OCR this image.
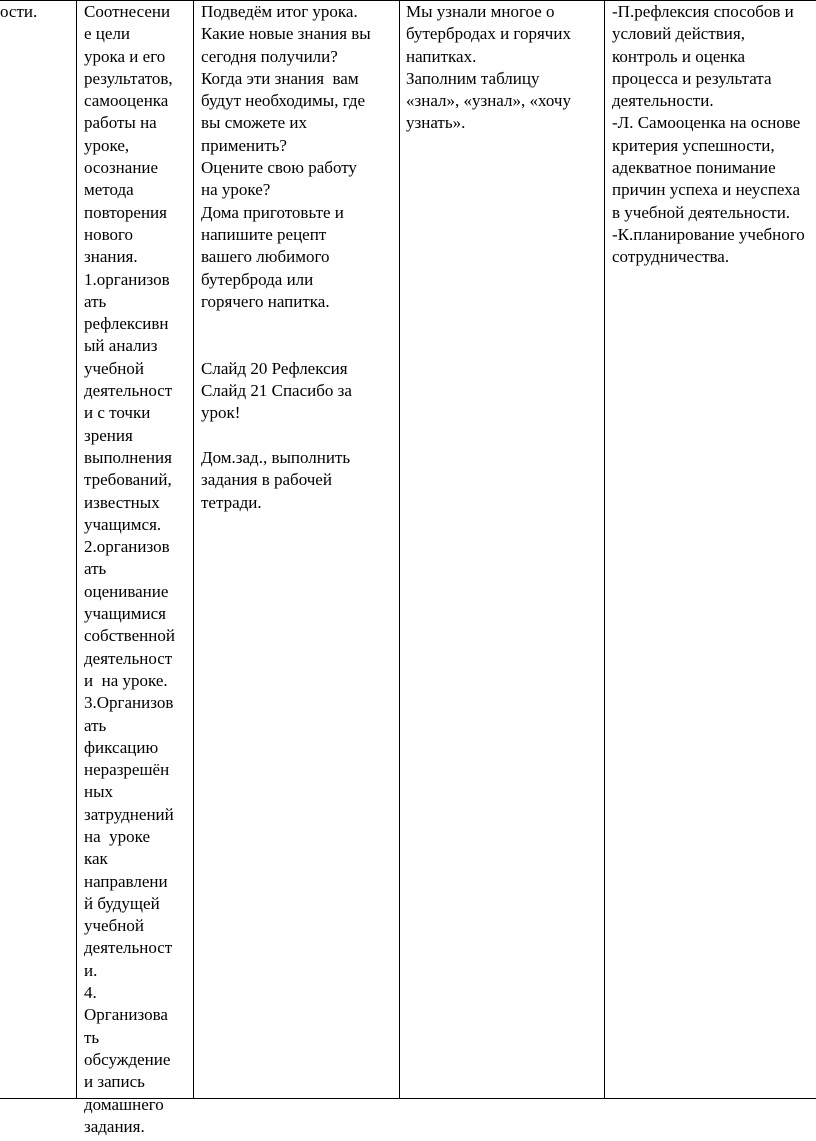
ости.	Соотнесени
е цели
урока и его
результатов,
самооценка
работы на
уроке,
осознание
метода
повторения
нового
знания.
1.организов
ать
рефлексивн
ый анализ
учебной
деятельност
и с точки
зрения
выполнения
требований,
известных
учащимся.
2.организов
ать
оценивание
учащимися
собственной
деятельност
и  на уроке.
3.Организов
ать
фиксацию
неразрешён
ных
затруднений
на  уроке
как
направлени
й будущей
учебной
деятельност
и.
4.
Организова
ть
обсуждение
и запись
домашнего
задания.
Подведём итог урока.
Какие новые знания вы
сегодня получили?
Когда эти знания  вам
будут необходимы, где
вы сможете их
применить?
Оцените свою работу
на уроке?
Дома приготовьте и
напишите рецепт
вашего любимого
бутерброда или
горячего напитка.

Слайд 20 Рефлексия
Слайд 21 Спасибо за
урок!

Дом.зад., выполнить
задания в рабочей
тетради.
Мы узнали многое о
бутербродах и горячих
напитках.
Заполним таблицу
«знал», «узнал», «хочу
узнать».
-П.рефлексия способов и
условий действия,
контроль и оценка
процесса и результата
деятельности.
-Л. Самооценка на основе
критерия успешности,
адекватное понимание
причин успеха и неуспеха
в учебной деятельности.
-К.планирование учебного
сотрудничества.
